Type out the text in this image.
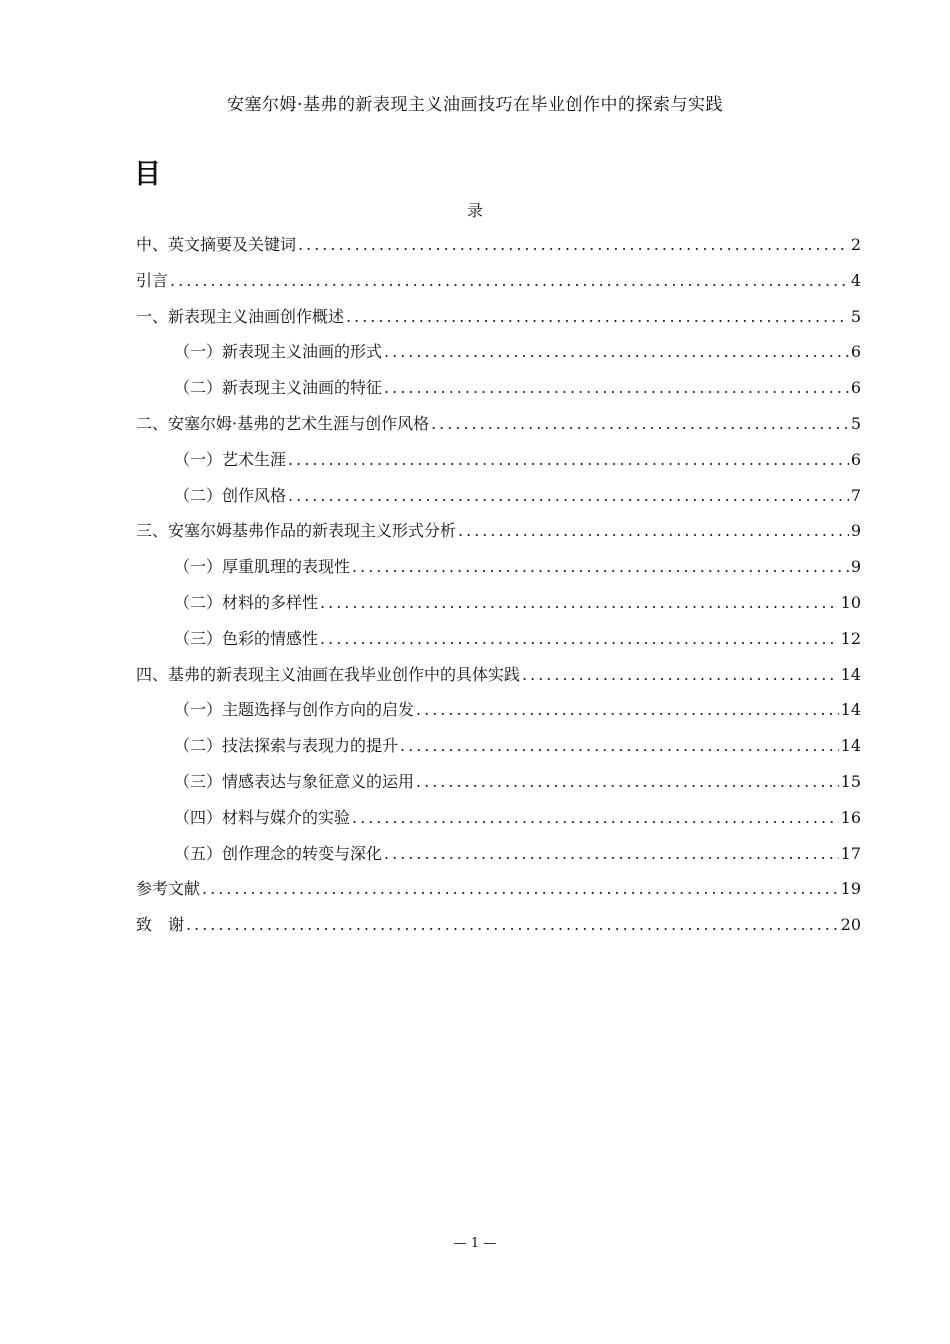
安塞尔姆·基弗的新表现主义油画技巧在毕业创作中的探索与实践
目
录
中、英文摘要及关键词 .....	2
引言 .....	4
一、新表现主义油画创作概述 .....	5
（一）新表现主义油画的形式 .....	6
（二）新表现主义油画的特征 .....	6
二、安塞尔姆·基弗的艺术生涯与创作风格 .....	5
（一）艺术生涯 .....	6
（二）创作风格 .....	7
三、安塞尔姆基弗作品的新表现主义形式分析 .....	9
（一）厚重肌理的表现性 .....	9
（二）材料的多样性 .....	10
（三）色彩的情感性 .....	12
四、基弗的新表现主义油画在我毕业创作中的具体实践 .....	14
（一）主题选择与创作方向的启发 .....	14
（二）技法探索与表现力的提升 .....	14
（三）情感表达与象征意义的运用 .....	15
（四）材料与媒介的实验 .....	16
（五）创作理念的转变与深化 .....	17
参考文献 .....	19
致　谢 .....	20
— 1 —
